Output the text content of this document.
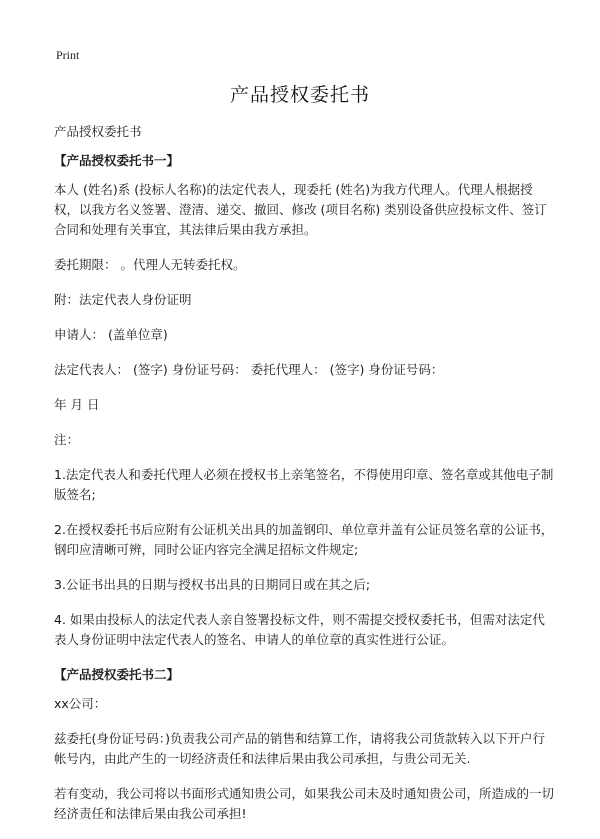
Print
产品授权委托书

产品授权委托书

【产品授权委托书一】

本人 (姓名)系 (投标人名称)的法定代表人，现委托 (姓名)为我方代理人。代理人根据授权，以我方名义签署、澄清、递交、撤回、修改 (项目名称) 类别设备供应投标文件、签订合同和处理有关事宜，其法律后果由我方承担。

委托期限： 。代理人无转委托权。

附：法定代表人身份证明

申请人： (盖单位章)

法定代表人： (签字) 身份证号码： 委托代理人： (签字) 身份证号码：

年 月 日

注：

1.法定代表人和委托代理人必须在授权书上亲笔签名，不得使用印章、签名章或其他电子制版签名;

2.在授权委托书后应附有公证机关出具的加盖钢印、单位章并盖有公证员签名章的公证书，钢印应清晰可辨，同时公证内容完全满足招标文件规定;

3.公证书出具的日期与授权书出具的日期同日或在其之后;

4. 如果由投标人的法定代表人亲自签署投标文件，则不需提交授权委托书，但需对法定代表人身份证明中法定代表人的签名、申请人的单位章的真实性进行公证。

【产品授权委托书二】

xx公司：

兹委托(身份证号码：)负责我公司产品的销售和结算工作，请将我公司货款转入以下开户行帐号内，由此产生的一切经济责任和法律后果由我公司承担，与贵公司无关.

若有变动，我公司将以书面形式通知贵公司，如果我公司未及时通知贵公司，所造成的一切经济责任和法律后果由我公司承担!
